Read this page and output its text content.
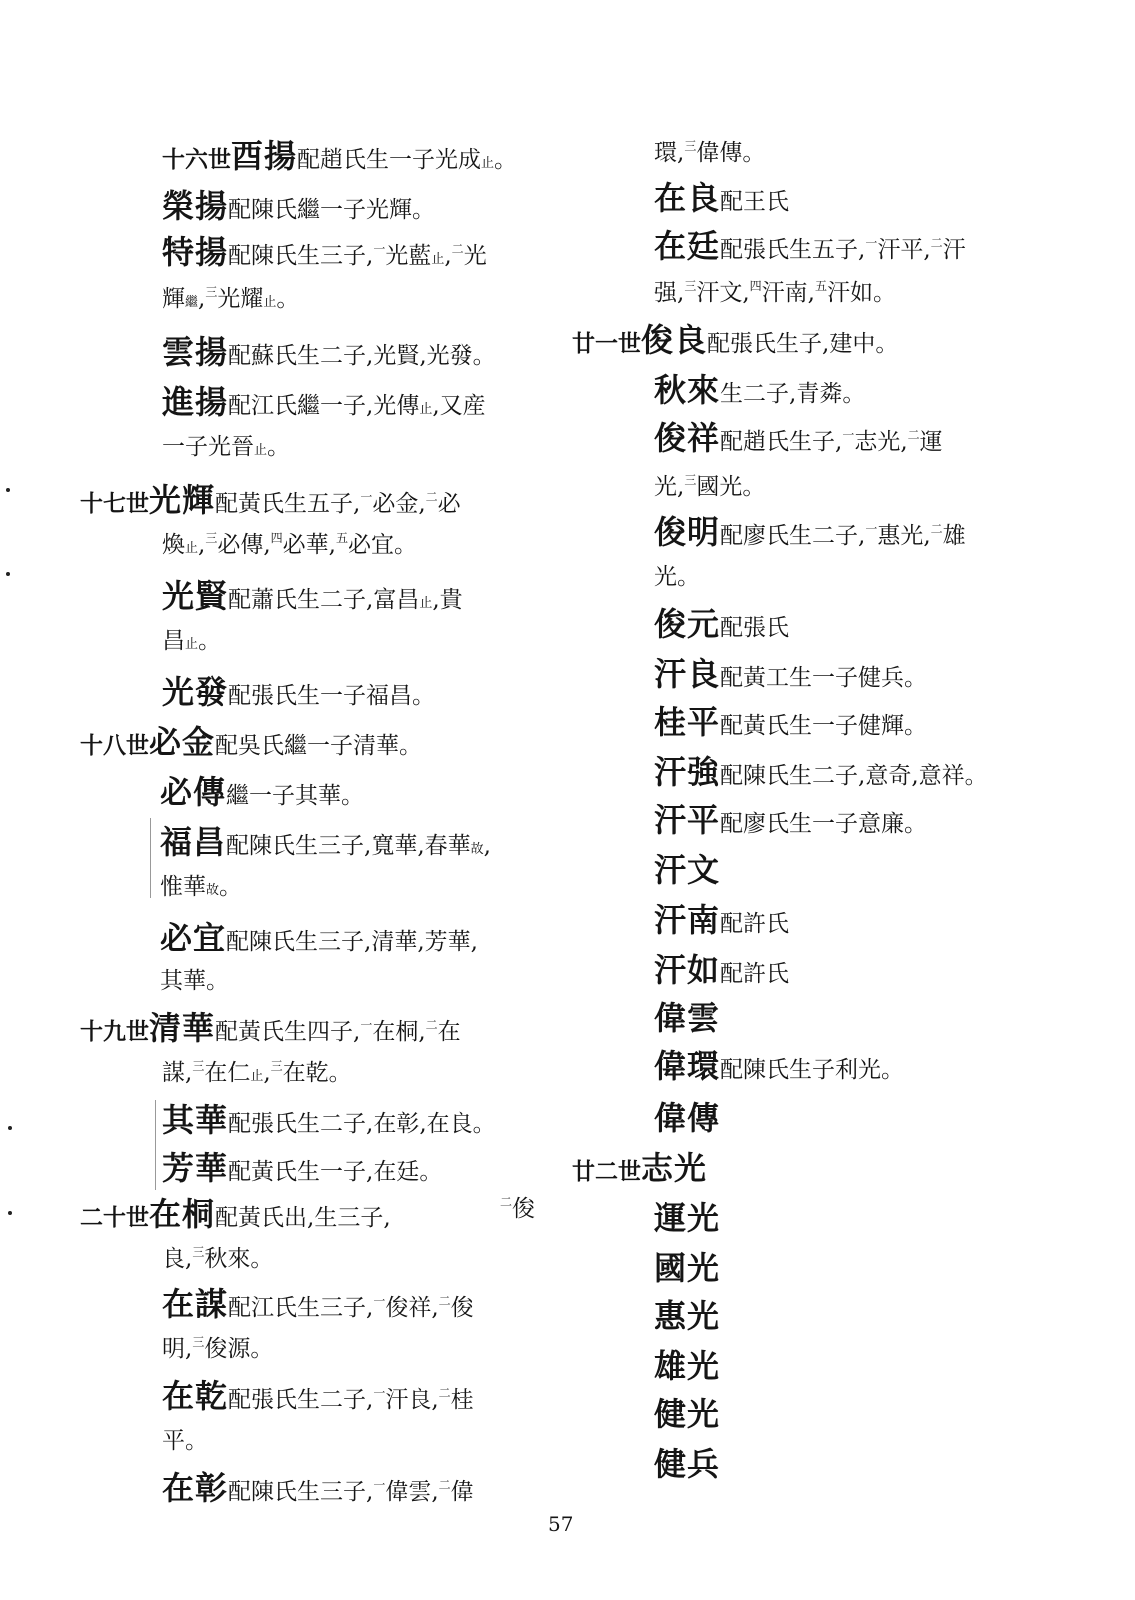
十六世酉揚配趙氏生一子光成止。
榮揚配陳氏繼一子光輝。
特揚配陳氏生三子,$^一$光藍止,$^二$光
輝繼,$^三$光耀止。
雲揚配蘇氏生二子,光賢,光發。
進揚配江氏繼一子,光傳止,又産
一子光晉止。
十七世光輝配黃氏生五子,$^一$必金,$^二$必
煥止,$^三$必傳,$^四$必華,$^五$必宜。
光賢配蕭氏生二子,富昌止,貴
昌止。
光發配張氏生一子福昌。
十八世必金配吳氏繼一子清華。
必傳繼一子其華。
福昌配陳氏生三子,寬華,春華故,
惟華故。
必宜配陳氏生三子,清華,芳華,
其華。
十九世清華配黃氏生四子,$^一$在桐,$^二$在
謀,$^三$在仁止,$^三$在乾。
其華配張氏生二子,在彰,在良。
芳華配黃氏生一子,在廷。
二十世在桐配黃氏出,生三子,
$^二$俊
良,$^三$秋來。
在謀配江氏生三子,$^一$俊祥,$^二$俊
明,$^三$俊源。
在乾配張氏生二子,$^一$汗良,$^二$桂
平。
在彰配陳氏生三子,$^一$偉雲,$^二$偉
環,$^三$偉傳。
在良配王氏
在廷配張氏生五子,$^一$汗平,$^二$汗
强,$^三$汗文,$^四$汗南,$^五$汗如。
廿一世俊良配張氏生子,建中。
秋來生二子,青粦。
俊祥配趙氏生子,$^一$志光,$^二$運
光,$^三$國光。
俊明配廖氏生二子,$^一$惠光,$^二$雄
光。
俊元配張氏
汗良配黃工生一子健兵。
桂平配黃氏生一子健輝。
汗強配陳氏生二子,意奇,意祥。
汗平配廖氏生一子意廉。
汗文
汗南配許氏
汗如配許氏
偉雲
偉環配陳氏生子利光。
偉傳
廿二世志光
運光
國光
惠光
雄光
健光
健兵
57
